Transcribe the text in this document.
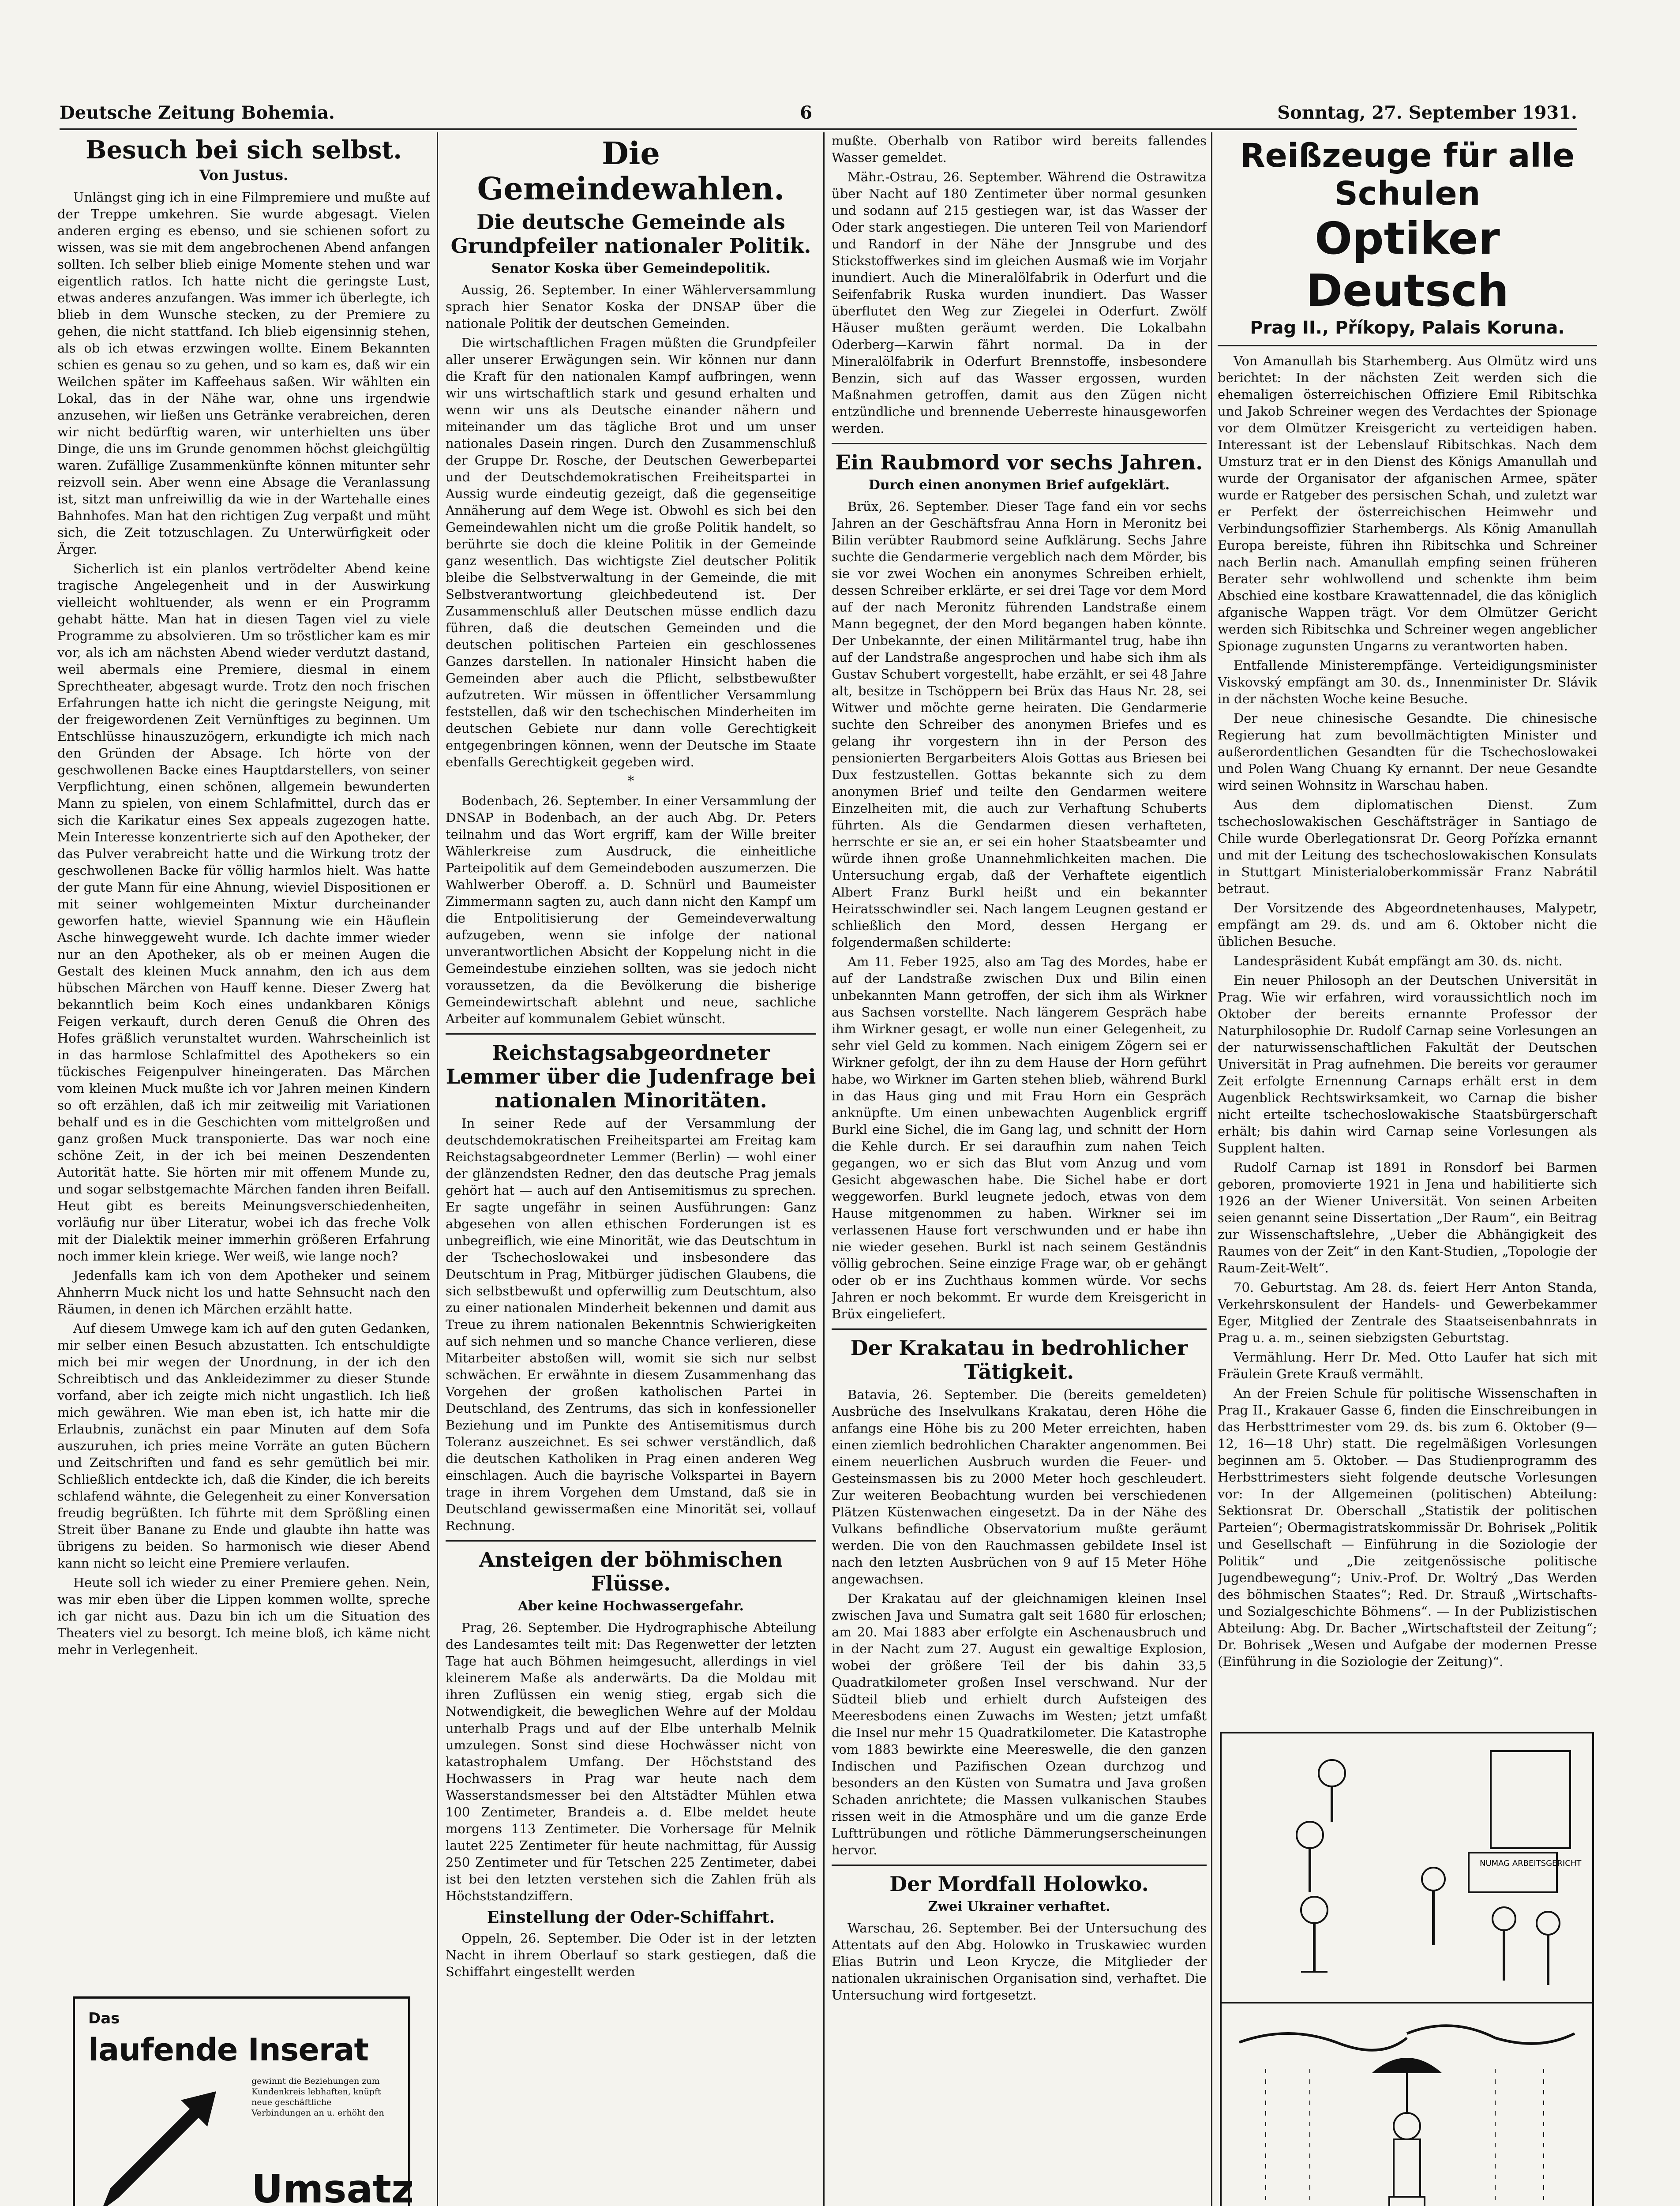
Deutsche Zeitung Bohemia.	6	Sonntag, 27. September 1931.
Besuch bei sich selbst.
Von Justus.

Unlängst ging ich in eine Filmpremiere und mußte auf der Treppe umkehren. Sie wurde abgesagt. Vielen anderen erging es ebenso, und sie schienen sofort zu wissen, was sie mit dem angebrochenen Abend anfangen sollten. Ich selber blieb einige Momente stehen und war eigentlich ratlos. Ich hatte nicht die geringste Lust, etwas anderes anzufangen. Was immer ich überlegte, ich blieb in dem Wunsche stecken, zu der Premiere zu gehen, die nicht stattfand. Ich blieb eigensinnig stehen, als ob ich etwas erzwingen wollte. Einem Bekannten schien es genau so zu gehen, und so kam es, daß wir ein Weilchen später im Kaffeehaus saßen. Wir wählten ein Lokal, das in der Nähe war, ohne uns irgendwie anzusehen, wir ließen uns Getränke verabreichen, deren wir nicht bedürftig waren, wir unterhielten uns über Dinge, die uns im Grunde genommen höchst gleichgültig waren. Zufällige Zusammenkünfte können mitunter sehr reizvoll sein. Aber wenn eine Absage die Veranlassung ist, sitzt man unfreiwillig da wie in der Wartehalle eines Bahnhofes. Man hat den richtigen Zug verpaßt und müht sich, die Zeit totzuschlagen. Zu Unterwürfigkeit oder Ärger.

Sicherlich ist ein planlos vertrödelter Abend keine tragische Angelegenheit und in der Auswirkung vielleicht wohltuender, als wenn er ein Programm gehabt hätte. Man hat in diesen Tagen viel zu viele Programme zu absolvieren. Um so tröstlicher kam es mir vor, als ich am nächsten Abend wieder verdutzt dastand, weil abermals eine Premiere, diesmal in einem Sprechtheater, abgesagt wurde. Trotz den noch frischen Erfahrungen hatte ich nicht die geringste Neigung, mit der freigewordenen Zeit Vernünftiges zu beginnen. Um Entschlüsse hinauszuzögern, erkundigte ich mich nach den Gründen der Absage. Ich hörte von der geschwollenen Backe eines Hauptdarstellers, von seiner Verpflichtung, einen schönen, allgemein bewunderten Mann zu spielen, von einem Schlafmittel, durch das er sich die Karikatur eines Sex appeals zugezogen hatte. Mein Interesse konzentrierte sich auf den Apotheker, der das Pulver verabreicht hatte und die Wirkung trotz der geschwollenen Backe für völlig harmlos hielt. Was hatte der gute Mann für eine Ahnung, wieviel Dispositionen er mit seiner wohlgemeinten Mixtur durcheinander geworfen hatte, wieviel Spannung wie ein Häuflein Asche hinweggeweht wurde. Ich dachte immer wieder nur an den Apotheker, als ob er meinen Augen die Gestalt des kleinen Muck annahm, den ich aus dem hübschen Märchen von Hauff kenne. Dieser Zwerg hat bekanntlich beim Koch eines undankbaren Königs Feigen verkauft, durch deren Genuß die Ohren des Hofes gräßlich verunstaltet wurden. Wahrscheinlich ist in das harmlose Schlafmittel des Apothekers so ein tückisches Feigenpulver hineingeraten. Das Märchen vom kleinen Muck mußte ich vor Jahren meinen Kindern so oft erzählen, daß ich mir zeitweilig mit Variationen behalf und es in die Geschichten vom mittelgroßen und ganz großen Muck transponierte. Das war noch eine schöne Zeit, in der ich bei meinen Deszendenten Autorität hatte. Sie hörten mir mit offenem Munde zu, und sogar selbstgemachte Märchen fanden ihren Beifall. Heut gibt es bereits Meinungsverschiedenheiten, vorläufig nur über Literatur, wobei ich das freche Volk mit der Dialektik meiner immerhin größeren Erfahrung noch immer klein kriege. Wer weiß, wie lange noch?

Jedenfalls kam ich von dem Apotheker und seinem Ahnherrn Muck nicht los und hatte Sehnsucht nach den Räumen, in denen ich Märchen erzählt hatte.

Auf diesem Umwege kam ich auf den guten Gedanken, mir selber einen Besuch abzustatten. Ich entschuldigte mich bei mir wegen der Unordnung, in der ich den Schreibtisch und das Ankleidezimmer zu dieser Stunde vorfand, aber ich zeigte mich nicht ungastlich. Ich ließ mich gewähren. Wie man eben ist, ich hatte mir die Erlaubnis, zunächst ein paar Minuten auf dem Sofa auszuruhen, ich pries meine Vorräte an guten Büchern und Zeitschriften und fand es sehr gemütlich bei mir. Schließlich entdeckte ich, daß die Kinder, die ich bereits schlafend wähnte, die Gelegenheit zu einer Konversation freudig begrüßten. Ich führte mit dem Sprößling einen Streit über Banane zu Ende und glaubte ihn hatte was übrigens zu beiden. So harmonisch wie dieser Abend kann nicht so leicht eine Premiere verlaufen.

Heute soll ich wieder zu einer Premiere gehen. Nein, was mir eben über die Lippen kommen wollte, spreche ich gar nicht aus. Dazu bin ich um die Situation des Theaters viel zu besorgt. Ich meine bloß, ich käme nicht mehr in Verlegenheit.

Das
laufende Inserat
gewinnt die Beziehungen zum Kundenkreis lebhaften, knüpft neue geschäftliche Verbindungen an u. erhöht den
Umsatz
Die Gemeindewahlen.
Die deutsche Gemeinde als Grundpfeiler nationaler Politik.
Senator Koska über Gemeindepolitik.

Aussig, 26. September. In einer Wählerversammlung sprach hier Senator Koska der DNSAP über die nationale Politik der deutschen Gemeinden.

Die wirtschaftlichen Fragen müßten die Grundpfeiler aller unserer Erwägungen sein. Wir können nur dann die Kraft für den nationalen Kampf aufbringen, wenn wir uns wirtschaftlich stark und gesund erhalten und wenn wir uns als Deutsche einander nähern und miteinander um das tägliche Brot und um unser nationales Dasein ringen. Durch den Zusammenschluß der Gruppe Dr. Rosche, der Deutschen Gewerbepartei und der Deutschdemokratischen Freiheitspartei in Aussig wurde eindeutig gezeigt, daß die gegenseitige Annäherung auf dem Wege ist. Obwohl es sich bei den Gemeindewahlen nicht um die große Politik handelt, so berührte sie doch die kleine Politik in der Gemeinde ganz wesentlich. Das wichtigste Ziel deutscher Politik bleibe die Selbstverwaltung in der Gemeinde, die mit Selbstverantwortung gleichbedeutend ist. Der Zusammenschluß aller Deutschen müsse endlich dazu führen, daß die deutschen Gemeinden und die deutschen politischen Parteien ein geschlossenes Ganzes darstellen. In nationaler Hinsicht haben die Gemeinden aber auch die Pflicht, selbstbewußter aufzutreten. Wir müssen in öffentlicher Versammlung feststellen, daß wir den tschechischen Minderheiten im deutschen Gebiete nur dann volle Gerechtigkeit entgegenbringen können, wenn der Deutsche im Staate ebenfalls Gerechtigkeit gegeben wird.

*

Bodenbach, 26. September. In einer Versammlung der DNSAP in Bodenbach, an der auch Abg. Dr. Peters teilnahm und das Wort ergriff, kam der Wille breiter Wählerkreise zum Ausdruck, die einheitliche Parteipolitik auf dem Gemeindeboden auszumerzen. Die Wahlwerber Oberoff. a. D. Schnürl und Baumeister Zimmermann sagten zu, auch dann nicht den Kampf um die Entpolitisierung der Gemeindeverwaltung aufzugeben, wenn sie infolge der national unverantwortlichen Absicht der Koppelung nicht in die Gemeindestube einziehen sollten, was sie jedoch nicht voraussetzen, da die Bevölkerung die bisherige Gemeindewirtschaft ablehnt und neue, sachliche Arbeiter auf kommunalem Gebiet wünscht.

Reichstagsabgeordneter Lemmer über die Judenfrage bei nationalen Minoritäten.

In seiner Rede auf der Versammlung der deutschdemokratischen Freiheitspartei am Freitag kam Reichstagsabgeordneter Lemmer (Berlin) — wohl einer der glänzendsten Redner, den das deutsche Prag jemals gehört hat — auch auf den Antisemitismus zu sprechen. Er sagte ungefähr in seinen Ausführungen: Ganz abgesehen von allen ethischen Forderungen ist es unbegreiflich, wie eine Minorität, wie das Deutschtum in der Tschechoslowakei und insbesondere das Deutschtum in Prag, Mitbürger jüdischen Glaubens, die sich selbstbewußt und opferwillig zum Deutschtum, also zu einer nationalen Minderheit bekennen und damit aus Treue zu ihrem nationalen Bekenntnis Schwierigkeiten auf sich nehmen und so manche Chance verlieren, diese Mitarbeiter abstoßen will, womit sie sich nur selbst schwächen. Er erwähnte in diesem Zusammenhang das Vorgehen der großen katholischen Partei in Deutschland, des Zentrums, das sich in konfessioneller Beziehung und im Punkte des Antisemitismus durch Toleranz auszeichnet. Es sei schwer verständlich, daß die deutschen Katholiken in Prag einen anderen Weg einschlagen. Auch die bayrische Volkspartei in Bayern trage in ihrem Vorgehen dem Umstand, daß sie in Deutschland gewissermaßen eine Minorität sei, vollauf Rechnung.

Ansteigen der böhmischen Flüsse.
Aber keine Hochwassergefahr.

Prag, 26. September. Die Hydrographische Abteilung des Landesamtes teilt mit: Das Regenwetter der letzten Tage hat auch Böhmen heimgesucht, allerdings in viel kleinerem Maße als anderwärts. Da die Moldau mit ihren Zuflüssen ein wenig stieg, ergab sich die Notwendigkeit, die beweglichen Wehre auf der Moldau unterhalb Prags und auf der Elbe unterhalb Melnik umzulegen. Sonst sind diese Hochwässer nicht von katastrophalem Umfang. Der Höchststand des Hochwassers in Prag war heute nach dem Wasserstandsmesser bei den Altstädter Mühlen etwa 100 Zentimeter, Brandeis a. d. Elbe meldet heute morgens 113 Zentimeter. Die Vorhersage für Melnik lautet 225 Zentimeter für heute nachmittag, für Aussig 250 Zentimeter und für Tetschen 225 Zentimeter, dabei ist bei den letzten verstehen sich die Zahlen früh als Höchststandziffern.

Einstellung der Oder-Schiffahrt.

Oppeln, 26. September. Die Oder ist in der letzten Nacht in ihrem Oberlauf so stark gestiegen, daß die Schiffahrt eingestellt werden

mußte. Oberhalb von Ratibor wird bereits fallendes Wasser gemeldet.

Mähr.-Ostrau, 26. September. Während die Ostrawitza über Nacht auf 180 Zentimeter über normal gesunken und sodann auf 215 gestiegen war, ist das Wasser der Oder stark angestiegen. Die unteren Teil von Mariendorf und Randorf in der Nähe der Jnnsgrube und des Stickstoffwerkes sind im gleichen Ausmaß wie im Vorjahr inundiert. Auch die Mineralölfabrik in Oderfurt und die Seifenfabrik Ruska wurden inundiert. Das Wasser überflutet den Weg zur Ziegelei in Oderfurt. Zwölf Häuser mußten geräumt werden. Die Lokalbahn Oderberg—Karwin fährt normal. Da in der Mineralölfabrik in Oderfurt Brennstoffe, insbesondere Benzin, sich auf das Wasser ergossen, wurden Maßnahmen getroffen, damit aus den Zügen nicht entzündliche und brennende Ueberreste hinausgeworfen werden.

Ein Raubmord vor sechs Jahren.
Durch einen anonymen Brief aufgeklärt.

Brüx, 26. September. Dieser Tage fand ein vor sechs Jahren an der Geschäftsfrau Anna Horn in Meronitz bei Bilin verübter Raubmord seine Aufklärung. Sechs Jahre suchte die Gendarmerie vergeblich nach dem Mörder, bis sie vor zwei Wochen ein anonymes Schreiben erhielt, dessen Schreiber erklärte, er sei drei Tage vor dem Mord auf der nach Meronitz führenden Landstraße einem Mann begegnet, der den Mord begangen haben könnte. Der Unbekannte, der einen Militärmantel trug, habe ihn auf der Landstraße angesprochen und habe sich ihm als Gustav Schubert vorgestellt, habe erzählt, er sei 48 Jahre alt, besitze in Tschöppern bei Brüx das Haus Nr. 28, sei Witwer und möchte gerne heiraten. Die Gendarmerie suchte den Schreiber des anonymen Briefes und es gelang ihr vorgestern ihn in der Person des pensionierten Bergarbeiters Alois Gottas aus Briesen bei Dux festzustellen. Gottas bekannte sich zu dem anonymen Brief und teilte den Gendarmen weitere Einzelheiten mit, die auch zur Verhaftung Schuberts führten. Als die Gendarmen diesen verhafteten, herrschte er sie an, er sei ein hoher Staatsbeamter und würde ihnen große Unannehmlichkeiten machen. Die Untersuchung ergab, daß der Verhaftete eigentlich Albert Franz Burkl heißt und ein bekannter Heiratsschwindler sei. Nach langem Leugnen gestand er schließlich den Mord, dessen Hergang er folgendermaßen schilderte:

Am 11. Feber 1925, also am Tag des Mordes, habe er auf der Landstraße zwischen Dux und Bilin einen unbekannten Mann getroffen, der sich ihm als Wirkner aus Sachsen vorstellte. Nach längerem Gespräch habe ihm Wirkner gesagt, er wolle nun einer Gelegenheit, zu sehr viel Geld zu kommen. Nach einigem Zögern sei er Wirkner gefolgt, der ihn zu dem Hause der Horn geführt habe, wo Wirkner im Garten stehen blieb, während Burkl in das Haus ging und mit Frau Horn ein Gespräch anknüpfte. Um einen unbewachten Augenblick ergriff Burkl eine Sichel, die im Gang lag, und schnitt der Horn die Kehle durch. Er sei daraufhin zum nahen Teich gegangen, wo er sich das Blut vom Anzug und vom Gesicht abgewaschen habe. Die Sichel habe er dort weggeworfen. Burkl leugnete jedoch, etwas von dem Hause mitgenommen zu haben. Wirkner sei im verlassenen Hause fort verschwunden und er habe ihn nie wieder gesehen. Burkl ist nach seinem Geständnis völlig gebrochen. Seine einzige Frage war, ob er gehängt oder ob er ins Zuchthaus kommen würde. Vor sechs Jahren er noch bekommt. Er wurde dem Kreisgericht in Brüx eingeliefert.

Der Krakatau in bedrohlicher Tätigkeit.

Batavia, 26. September. Die (bereits gemeldeten) Ausbrüche des Inselvulkans Krakatau, deren Höhe die anfangs eine Höhe bis zu 200 Meter erreichten, haben einen ziemlich bedrohlichen Charakter angenommen. Bei einem neuerlichen Ausbruch wurden die Feuer- und Gesteinsmassen bis zu 2000 Meter hoch geschleudert. Zur weiteren Beobachtung wurden bei verschiedenen Plätzen Küstenwachen eingesetzt. Da in der Nähe des Vulkans befindliche Observatorium mußte geräumt werden. Die von den Rauchmassen gebildete Insel ist nach den letzten Ausbrüchen von 9 auf 15 Meter Höhe angewachsen.

Der Krakatau auf der gleichnamigen kleinen Insel zwischen Java und Sumatra galt seit 1680 für erloschen; am 20. Mai 1883 aber erfolgte ein Aschenausbruch und in der Nacht zum 27. August ein gewaltige Explosion, wobei der größere Teil der bis dahin 33,5 Quadratkilometer großen Insel verschwand. Nur der Südteil blieb und erhielt durch Aufsteigen des Meeresbodens einen Zuwachs im Westen; jetzt umfaßt die Insel nur mehr 15 Quadratkilometer. Die Katastrophe vom 1883 bewirkte eine Meereswelle, die den ganzen Indischen und Pazifischen Ozean durchzog und besonders an den Küsten von Sumatra und Java großen Schaden anrichtete; die Massen vulkanischen Staubes rissen weit in die Atmosphäre und um die ganze Erde Lufttrübungen und rötliche Dämmerungserscheinungen hervor.

Der Mordfall Holowko.
Zwei Ukrainer verhaftet.

Warschau, 26. September. Bei der Untersuchung des Attentats auf den Abg. Holowko in Truskawiec wurden Elias Butrin und Leon Krycze, die Mitglieder der nationalen ukrainischen Organisation sind, verhaftet. Die Untersuchung wird fortgesetzt.

Reißzeuge für alle Schulen
Optiker Deutsch
Prag II., Příkopy, Palais Koruna.

Von Amanullah bis Starhemberg. Aus Olmütz wird uns berichtet: In der nächsten Zeit werden sich die ehemaligen österreichischen Offiziere Emil Ribitschka und Jakob Schreiner wegen des Verdachtes der Spionage vor dem Olmützer Kreisgericht zu verteidigen haben. Interessant ist der Lebenslauf Ribitschkas. Nach dem Umsturz trat er in den Dienst des Königs Amanullah und wurde der Organisator der afganischen Armee, später wurde er Ratgeber des persischen Schah, und zuletzt war er Perfekt der österreichischen Heimwehr und Verbindungsoffizier Starhembergs. Als König Amanullah Europa bereiste, führen ihn Ribitschka und Schreiner nach Berlin nach. Amanullah empfing seinen früheren Berater sehr wohlwollend und schenkte ihm beim Abschied eine kostbare Krawattennadel, die das königlich afganische Wappen trägt. Vor dem Olmützer Gericht werden sich Ribitschka und Schreiner wegen angeblicher Spionage zugunsten Ungarns zu verantworten haben.

Entfallende Ministerempfänge. Verteidigungsminister Viskovský empfängt am 30. ds., Innenminister Dr. Slávik in der nächsten Woche keine Besuche.

Der neue chinesische Gesandte. Die chinesische Regierung hat zum bevollmächtigten Minister und außerordentlichen Gesandten für die Tschechoslowakei und Polen Wang Chuang Ky ernannt. Der neue Gesandte wird seinen Wohnsitz in Warschau haben.

Aus dem diplomatischen Dienst. Zum tschechoslowakischen Geschäftsträger in Santiago de Chile wurde Oberlegationsrat Dr. Georg Pořízka ernannt und mit der Leitung des tschechoslowakischen Konsulats in Stuttgart Ministerialoberkommissär Franz Nabrátil betraut.

Der Vorsitzende des Abgeordnetenhauses, Malypetr, empfängt am 29. ds. und am 6. Oktober nicht die üblichen Besuche.

Landespräsident Kubát empfängt am 30. ds. nicht.

Ein neuer Philosoph an der Deutschen Universität in Prag. Wie wir erfahren, wird voraussichtlich noch im Oktober der bereits ernannte Professor der Naturphilosophie Dr. Rudolf Carnap seine Vorlesungen an der naturwissenschaftlichen Fakultät der Deutschen Universität in Prag aufnehmen. Die bereits vor geraumer Zeit erfolgte Ernennung Carnaps erhält erst in dem Augenblick Rechtswirksamkeit, wo Carnap die bisher nicht erteilte tschechoslowakische Staatsbürgerschaft erhält; bis dahin wird Carnap seine Vorlesungen als Supplent halten.

Rudolf Carnap ist 1891 in Ronsdorf bei Barmen geboren, promovierte 1921 in Jena und habilitierte sich 1926 an der Wiener Universität. Von seinen Arbeiten seien genannt seine Dissertation „Der Raum“, ein Beitrag zur Wissenschaftslehre, „Ueber die Abhängigkeit des Raumes von der Zeit“ in den Kant-Studien, „Topologie der Raum-Zeit-Welt“.

70. Geburtstag. Am 28. ds. feiert Herr Anton Standa, Verkehrskonsulent der Handels- und Gewerbekammer Eger, Mitglied der Zentrale des Staatseisenbahnrats in Prag u. a. m., seinen siebzigsten Geburtstag.

Vermählung. Herr Dr. Med. Otto Laufer hat sich mit Fräulein Grete Krauß vermählt.

An der Freien Schule für politische Wissenschaften in Prag II., Krakauer Gasse 6, finden die Einschreibungen in das Herbsttrimester vom 29. ds. bis zum 6. Oktober (9—12, 16—18 Uhr) statt. Die regelmäßigen Vorlesungen beginnen am 5. Oktober. — Das Studienprogramm des Herbsttrimesters sieht folgende deutsche Vorlesungen vor: In der Allgemeinen (politischen) Abteilung: Sektionsrat Dr. Oberschall „Statistik der politischen Parteien“; Obermagistratskommissär Dr. Bohrisek „Politik und Gesellschaft — Einführung in die Soziologie der Politik“ und „Die zeitgenössische politische Jugendbewegung“; Univ.-Prof. Dr. Woltrý „Das Werden des böhmischen Staates“; Red. Dr. Strauß „Wirtschafts- und Sozialgeschichte Böhmens“. — In der Publizistischen Abteilung: Abg. Dr. Bacher „Wirtschaftsteil der Zeitung“; Dr. Bohrisek „Wesen und Aufgabe der modernen Presse (Einführung in die Soziologie der Zeitung)“.

NUMAG ARBEITSGERICHT
